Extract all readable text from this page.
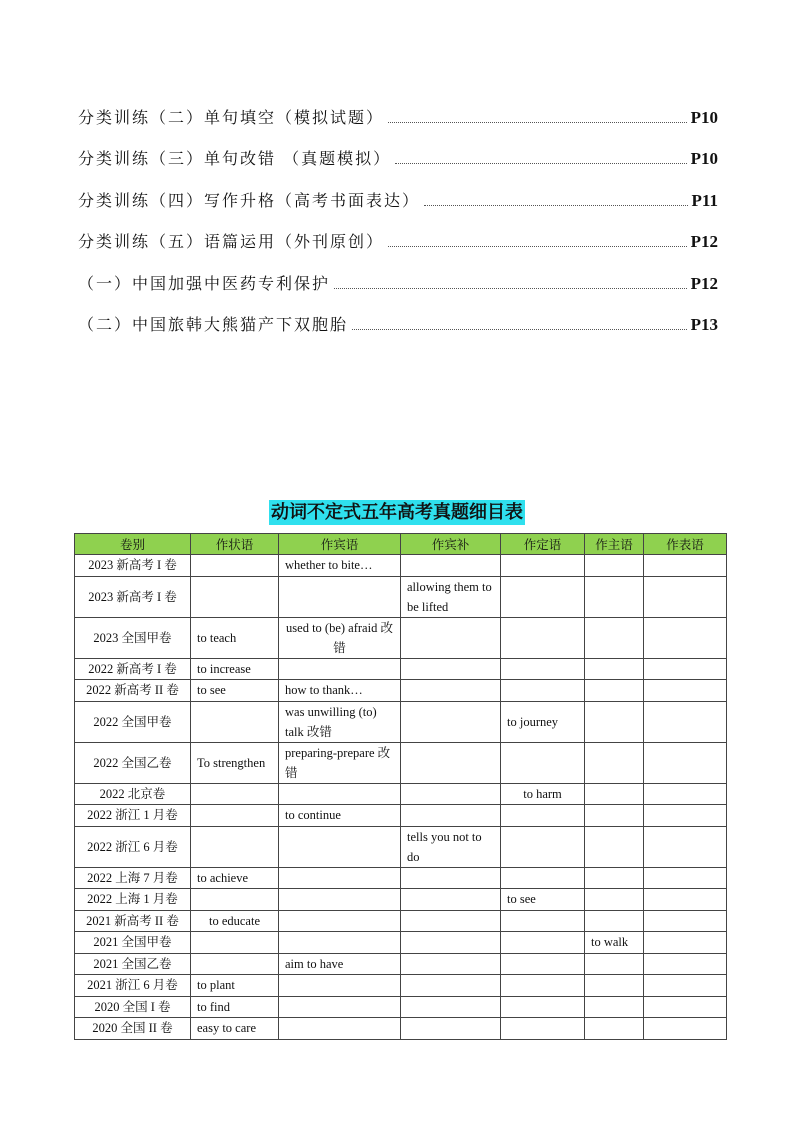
分类训练（二）单句填空（模拟试题）	P10
分类训练（三）单句改错 （真题模拟）	P10
分类训练（四）写作升格（高考书面表达）	P11
分类训练（五）语篇运用（外刊原创）	P12
（一）中国加强中医药专利保护	P12
（二）中国旅韩大熊猫产下双胞胎	P13
动词不定式五年高考真题细目表
卷别	作状语	作宾语	作宾补	作定语	作主语	作表语
2023 新高考 I 卷		whether to bite…				
2023 新高考 I 卷			allowing them to be lifted			
2023 全国甲卷	to teach	used to (be) afraid 改错				
2022 新高考 I 卷	to increase					
2022 新高考 II 卷	to see	how to thank…				
2022 全国甲卷		was unwilling (to) talk 改错		to journey		
2022 全国乙卷	To strengthen	preparing-prepare 改错				
2022 北京卷				to harm		
2022 浙江 1 月卷		to continue				
2022 浙江 6 月卷			tells you not to do			
2022 上海 7 月卷	to achieve					
2022 上海 1 月卷				to see		
2021 新高考 II 卷	to educate					
2021 全国甲卷					to walk	
2021 全国乙卷		aim to have				
2021 浙江 6 月卷	to plant					
2020 全国 I 卷	to find					
2020 全国 II 卷	easy to care					
